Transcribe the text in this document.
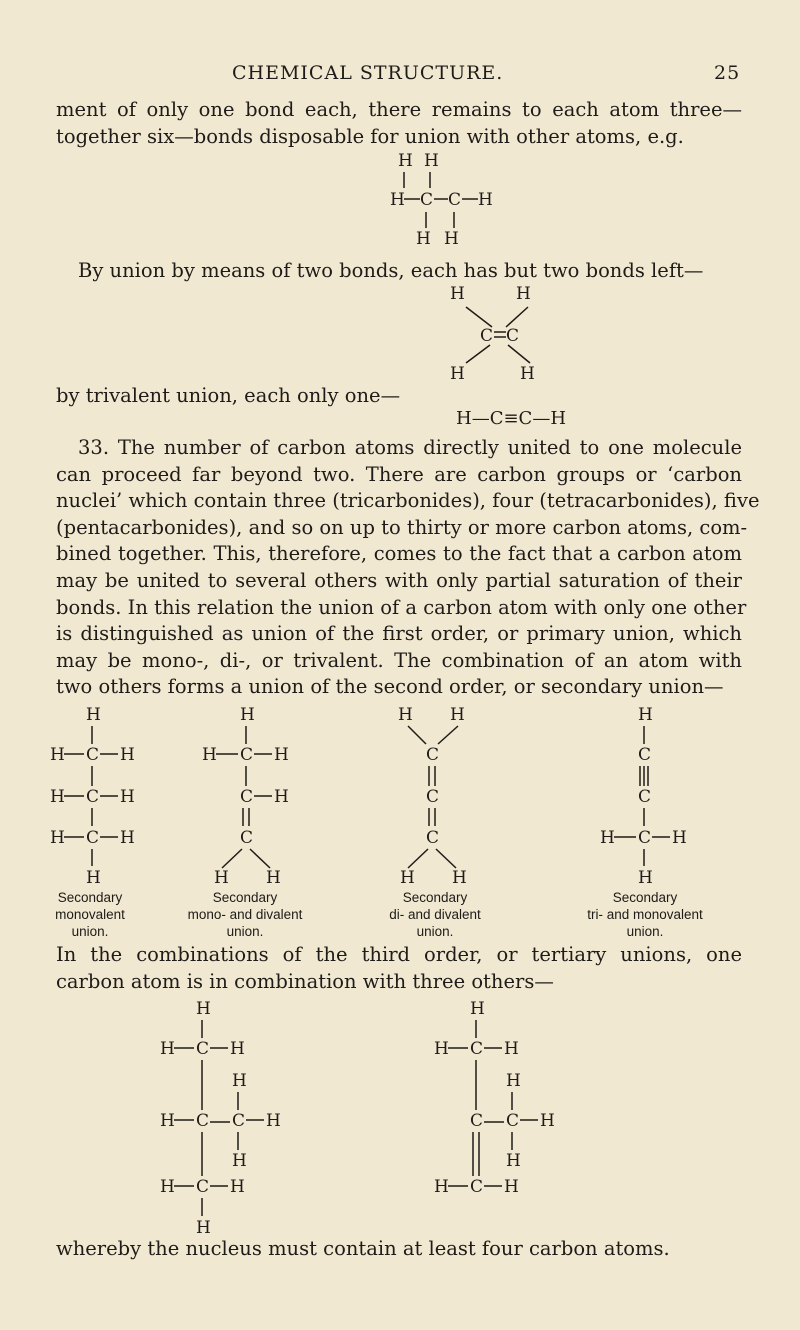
CHEMICAL STRUCTURE.	25
ment of only one bond each, there remains to each atom three—
together six—bonds disposable for union with other atoms, e.g.
H H
H C C H
H H
By union by means of two bonds, each has but two bonds left—
H	H
C C
H	H
by trivalent union, each only one—
H—C≡C—H
33. The number of carbon atoms directly united to one molecule
can proceed far beyond two. There are carbon groups or ‘carbon
nuclei’ which contain three (tricarbonides), four (tetracarbonides), five
(pentacarbonides), and so on up to thirty or more carbon atoms, com-
bined together. This, therefore, comes to the fact that a carbon atom
may be united to several others with only partial saturation of their
bonds. In this relation the union of a carbon atom with only one other
is distinguished as union of the first order, or primary union, which
may be mono-, di-, or trivalent. The combination of an atom with
two others forms a union of the second order, or secondary union—
H
H C H
H C H
H C H
H
H
H C H
C H
C
H H
H H
C
C
C
H H
H
C
C
H C H
H
Secondary
monovalent
union.
Secondary
mono- and divalent
union.
Secondary
di- and divalent
union.
Secondary
tri- and monovalent
union.
In the combinations of the third order, or tertiary unions, one
carbon atom is in combination with three others—
H
H C H
H
H C C H
H
H C H
H
H
H C H
H
C C H
H
H C H
whereby the nucleus must contain at least four carbon atoms.
